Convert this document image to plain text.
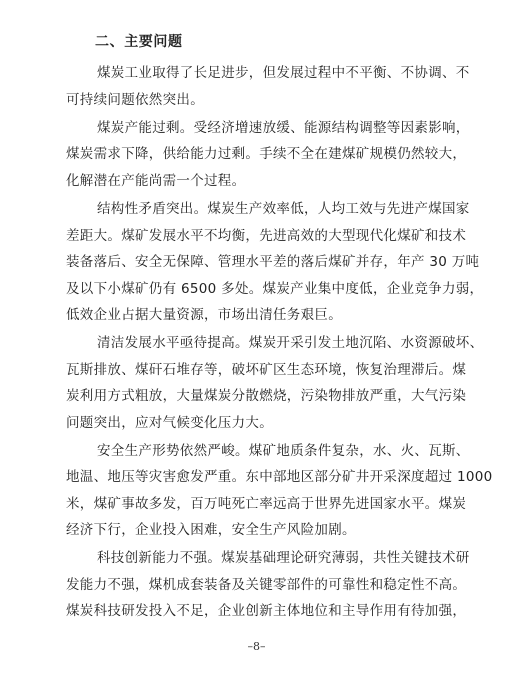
二、主要问题
煤炭工业取得了长足进步，但发展过程中不平衡、不协调、不
可持续问题依然突出。
煤炭产能过剩。受经济增速放缓、能源结构调整等因素影响，
煤炭需求下降，供给能力过剩。手续不全在建煤矿规模仍然较大，
化解潜在产能尚需一个过程。
结构性矛盾突出。煤炭生产效率低，人均工效与先进产煤国家
差距大。煤矿发展水平不均衡，先进高效的大型现代化煤矿和技术
装备落后、安全无保障、管理水平差的落后煤矿并存，年产 30 万吨
及以下小煤矿仍有 6500 多处。煤炭产业集中度低，企业竞争力弱，
低效企业占据大量资源，市场出清任务艰巨。
清洁发展水平亟待提高。煤炭开采引发土地沉陷、水资源破坏、
瓦斯排放、煤矸石堆存等，破坏矿区生态环境，恢复治理滞后。煤
炭利用方式粗放，大量煤炭分散燃烧，污染物排放严重，大气污染
问题突出，应对气候变化压力大。
安全生产形势依然严峻。煤矿地质条件复杂，水、火、瓦斯、
地温、地压等灾害愈发严重。东中部地区部分矿井开采深度超过 1000
米，煤矿事故多发，百万吨死亡率远高于世界先进国家水平。煤炭
经济下行，企业投入困难，安全生产风险加剧。
科技创新能力不强。煤炭基础理论研究薄弱，共性关键技术研
发能力不强，煤机成套装备及关键零部件的可靠性和稳定性不高。
煤炭科技研发投入不足，企业创新主体地位和主导作用有待加强，
–8–
